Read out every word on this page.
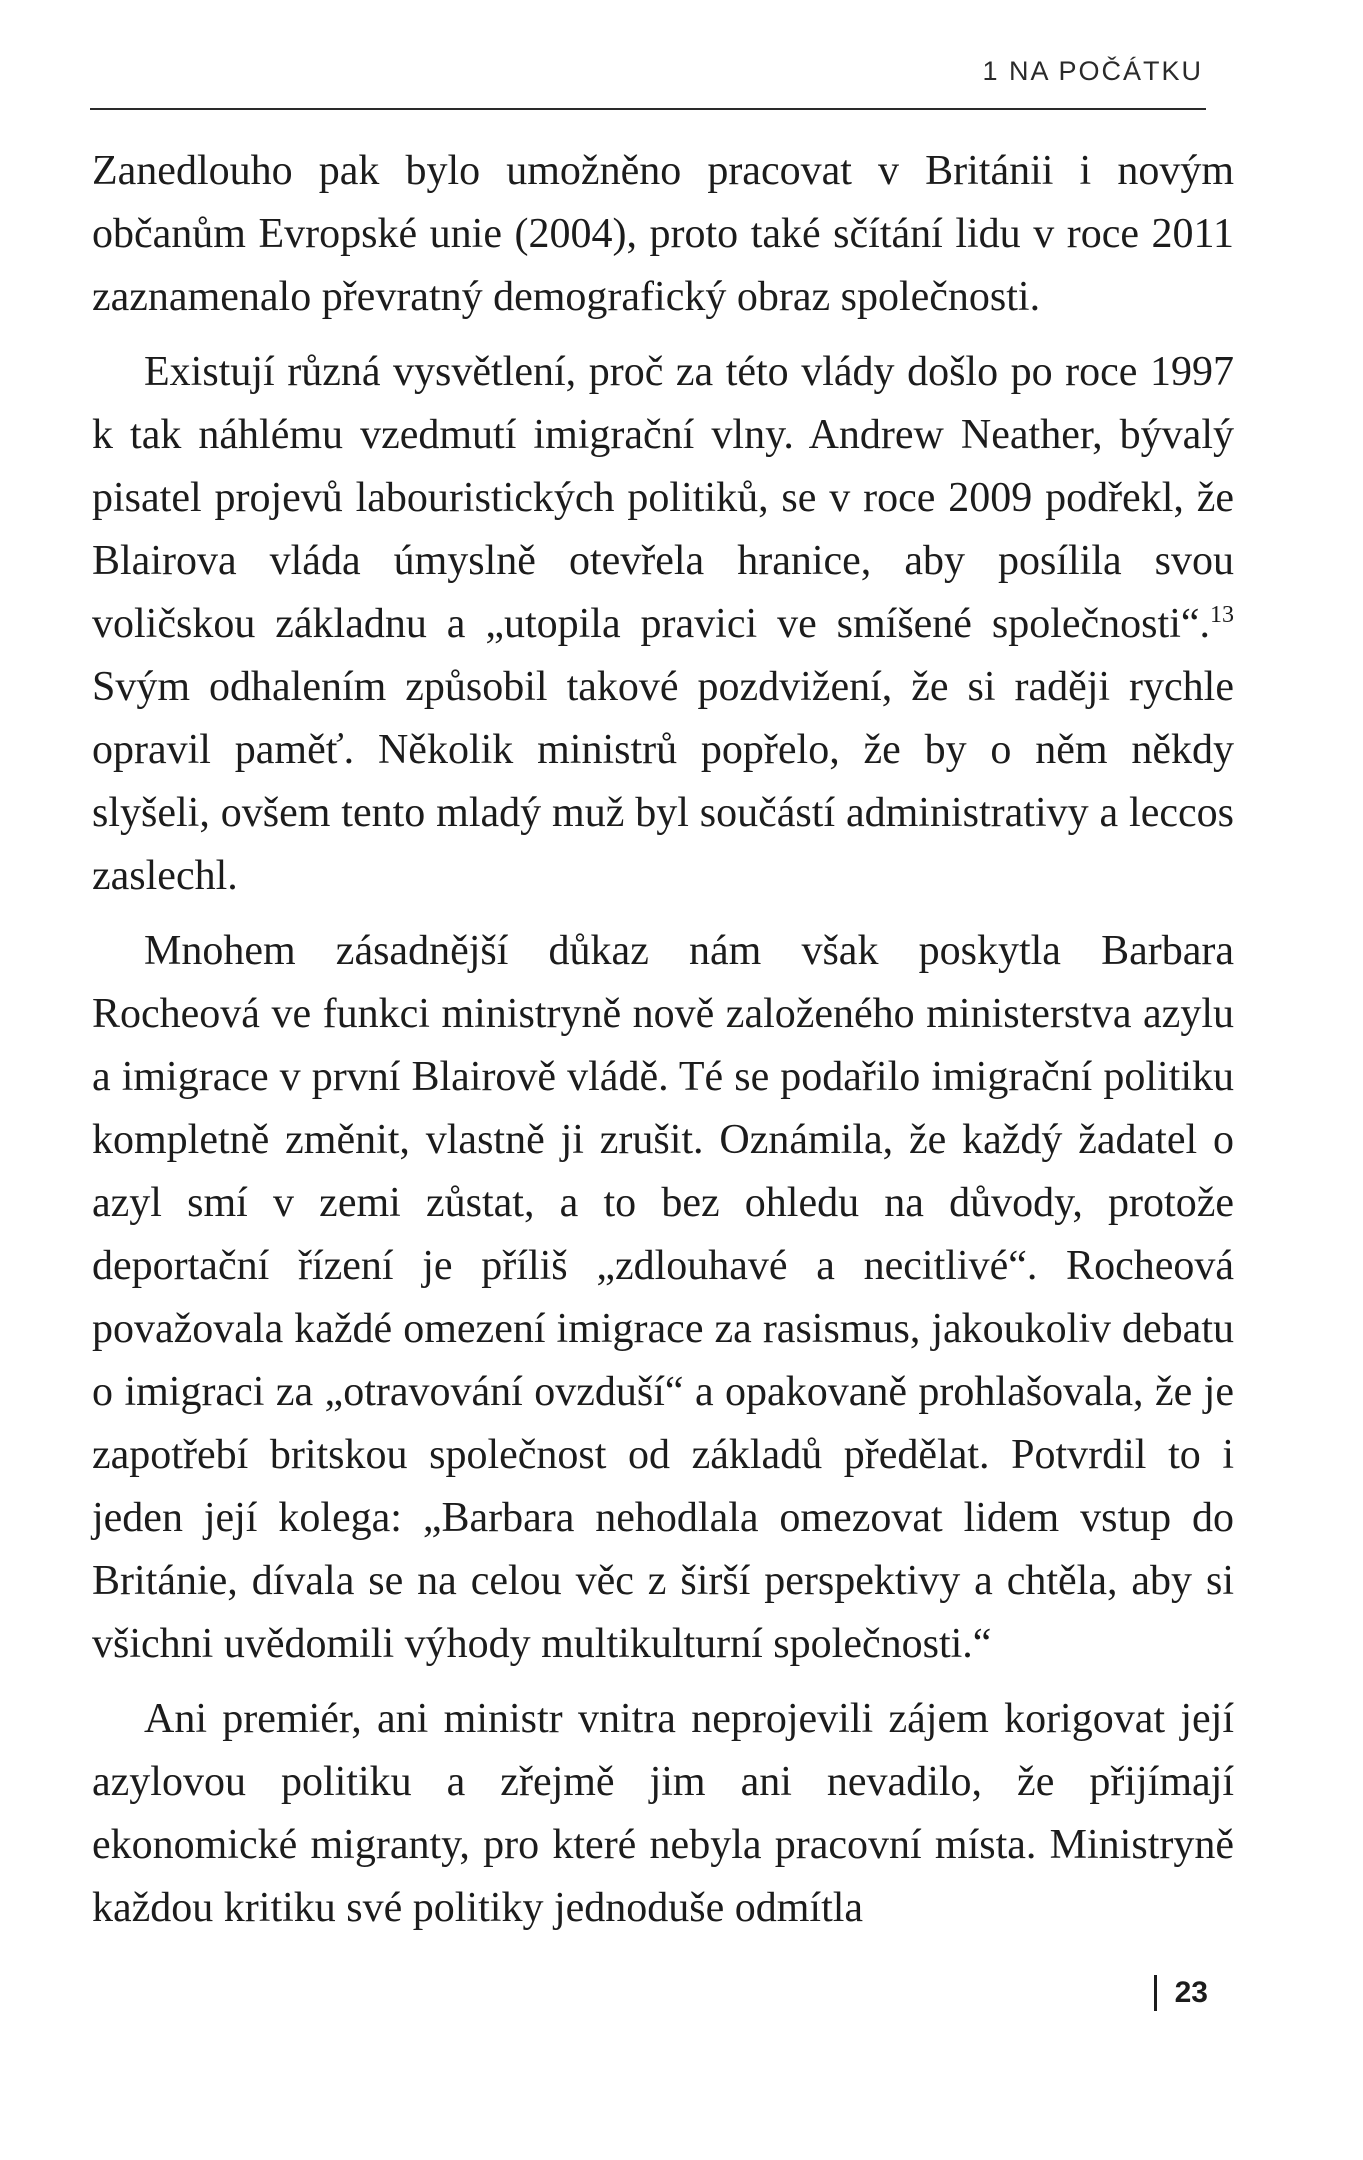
1 NA POČÁTKU

Zanedlouho pak bylo umožněno pracovat v Británii i novým občanům Evropské unie (2004), proto také sčítání lidu v roce 2011 zaznamenalo převratný demografický obraz společnosti.

Existují různá vysvětlení, proč za této vlády došlo po roce 1997 k tak náhlému vzedmutí imigrační vlny. Andrew Neather, bývalý pisatel projevů labouristických politiků, se v roce 2009 podřekl, že Blairova vláda úmyslně otevřela hranice, aby posílila svou voličskou základnu a „utopila pravici ve smíšené společnosti“.$^{13}$ Svým odhalením způsobil takové pozdvižení, že si raději rychle opravil paměť. Několik ministrů popřelo, že by o něm někdy slyšeli, ovšem tento mladý muž byl součástí administrativy a leccos zaslechl.

Mnohem zásadnější důkaz nám však poskytla Barbara Rocheová ve funkci ministryně nově založeného ministerstva azylu a imigrace v první Blairově vládě. Té se podařilo imigrační politiku kompletně změnit, vlastně ji zrušit. Oznámila, že každý žadatel o azyl smí v zemi zůstat, a to bez ohledu na důvody, protože deportační řízení je příliš „zdlouhavé a necitlivé“. Rocheová považovala každé omezení imigrace za rasismus, jakoukoliv debatu o imigraci za „otravování ovzduší“ a opakovaně prohlašovala, že je zapotřebí britskou společnost od základů předělat. Potvrdil to i jeden její kolega: „Barbara nehodlala omezovat lidem vstup do Británie, dívala se na celou věc z širší perspektivy a chtěla, aby si všichni uvědomili výhody multikulturní společnosti.“

Ani premiér, ani ministr vnitra neprojevili zájem korigovat její azylovou politiku a zřejmě jim ani nevadilo, že přijímají ekonomické migranty, pro které nebyla pracovní místa. Ministryně každou kritiku své politiky jednoduše odmítla

23
